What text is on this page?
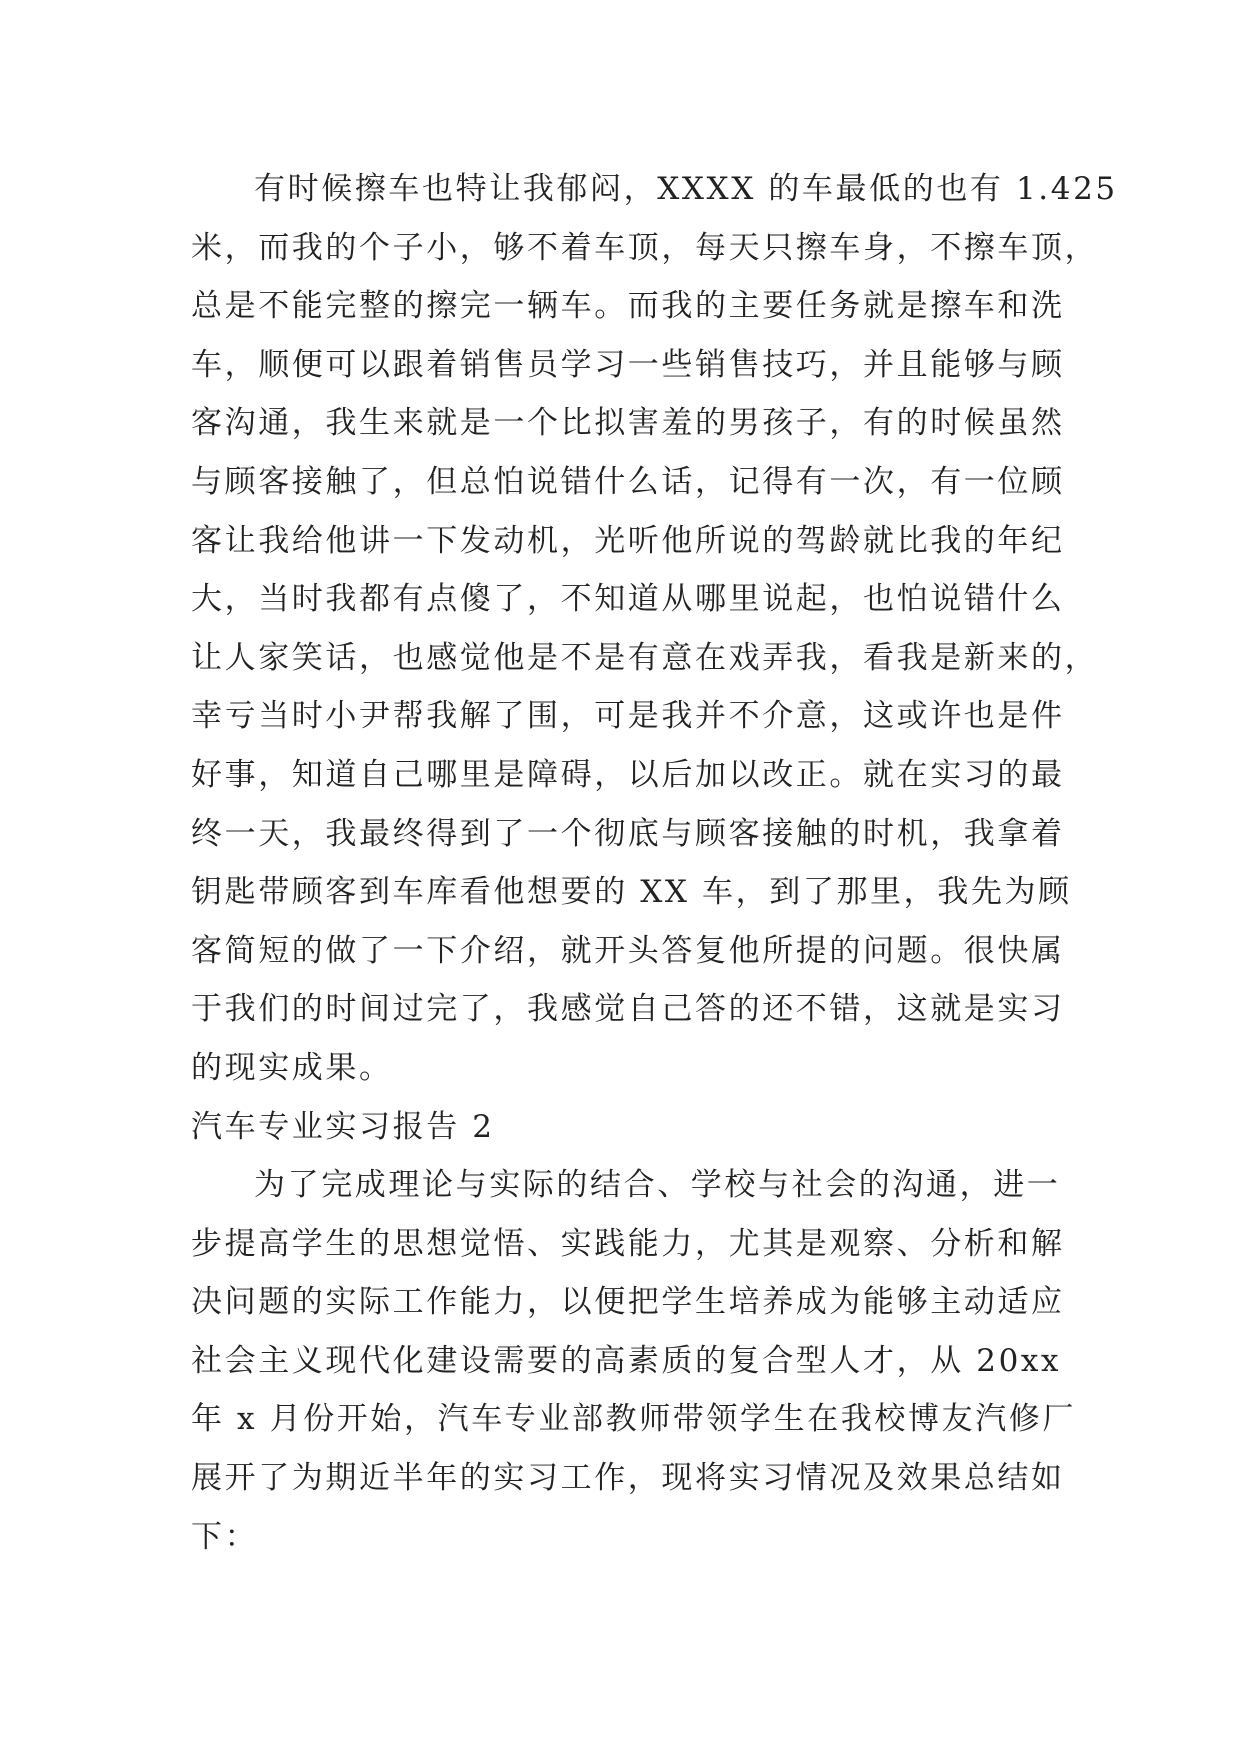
有时候擦车也特让我郁闷，XXXX 的车最低的也有 1.425
米，而我的个子小，够不着车顶，每天只擦车身，不擦车顶，
总是不能完整的擦完一辆车。而我的主要任务就是擦车和洗
车，顺便可以跟着销售员学习一些销售技巧，并且能够与顾
客沟通，我生来就是一个比拟害羞的男孩子，有的时候虽然
与顾客接触了，但总怕说错什么话，记得有一次，有一位顾
客让我给他讲一下发动机，光听他所说的驾龄就比我的年纪
大，当时我都有点傻了，不知道从哪里说起，也怕说错什么
让人家笑话，也感觉他是不是有意在戏弄我，看我是新来的，
幸亏当时小尹帮我解了围，可是我并不介意，这或许也是件
好事，知道自己哪里是障碍，以后加以改正。就在实习的最
终一天，我最终得到了一个彻底与顾客接触的时机，我拿着
钥匙带顾客到车库看他想要的 XX 车，到了那里，我先为顾
客简短的做了一下介绍，就开头答复他所提的问题。很快属
于我们的时间过完了，我感觉自己答的还不错，这就是实习
的现实成果。
汽车专业实习报告 2
为了完成理论与实际的结合、学校与社会的沟通，进一
步提高学生的思想觉悟、实践能力，尤其是观察、分析和解
决问题的实际工作能力，以便把学生培养成为能够主动适应
社会主义现代化建设需要的高素质的复合型人才，从 20xx
年 x 月份开始，汽车专业部教师带领学生在我校博友汽修厂
展开了为期近半年的实习工作，现将实习情况及效果总结如
下：
